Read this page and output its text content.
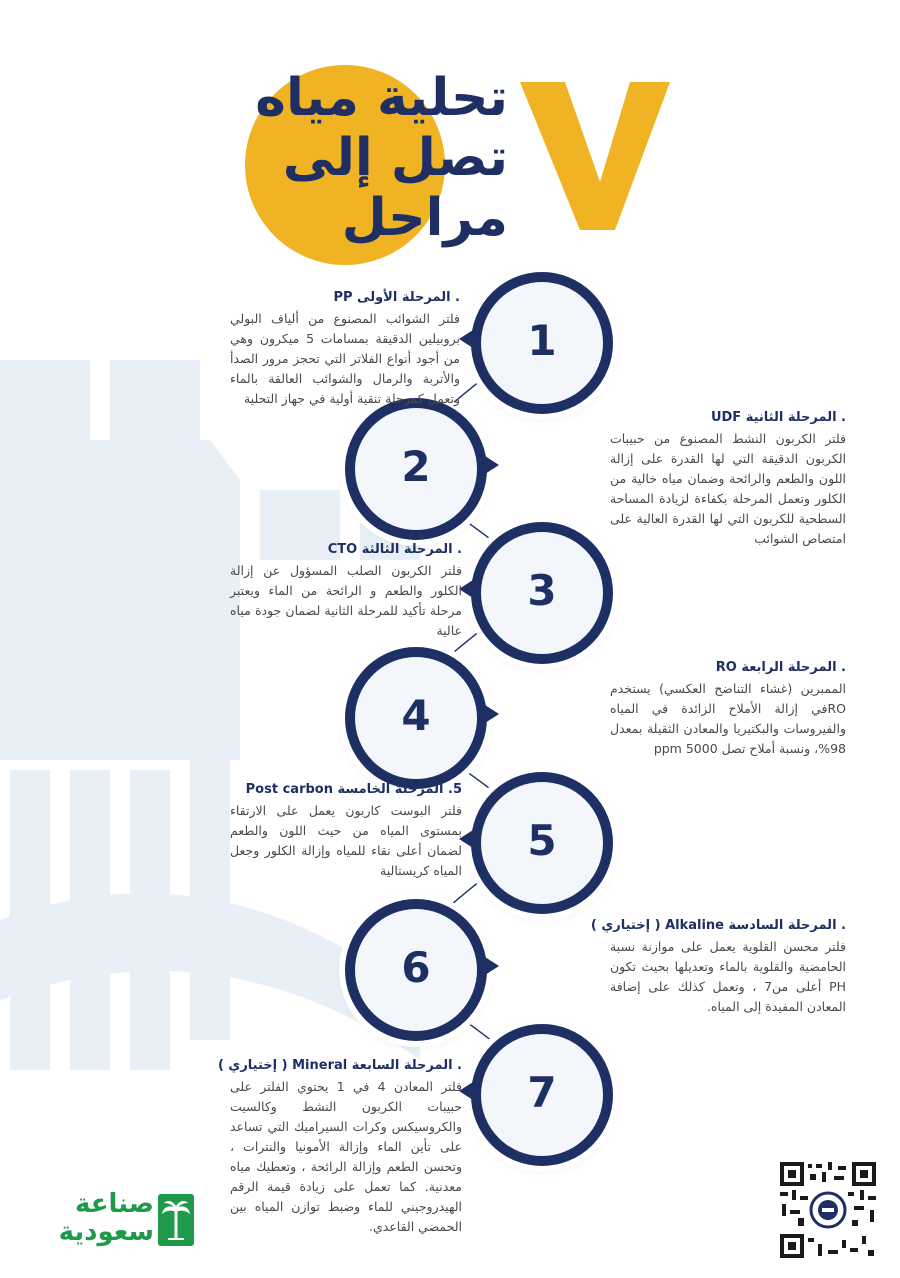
تحلية مياه
تصل إلى
مراحل
1
2
3
4
5
6
7
. المرحلة الأولى PP
فلتر الشوائب المصنوع من ألياف البولي بروبيلين الدقيقة بمسامات 5 ميكرون وهي من أجود أنواع الفلاتر التي تحجز مرور الصدأ والأتربة والرمال والشوائب العالقة بالماء وتعمل كمرحلة تنقية أولية في جهاز التحلية
. المرحلة الثانية UDF
فلتر الكربون النشط المصنوع من حبيبات الكربون الدقيقة التي لها القدرة على إزالة اللون والطعم والرائحة وضمان مياه خالية من الكلور وتعمل المرحلة بكفاءة لزيادة المساحة السطحية للكربون التي لها القدرة العالية على امتصاص الشوائب
. المرحلة الثالثة CTO
فلتر الكربون الصلب المسؤول عن إزالة الكلور والطعم و الرائحة من الماء ويعتبر مرحلة تأكيد للمرحلة الثانية لضمان جودة مياه عالية
. المرحلة الرابعة RO
الممبرين (غشاء التناضح العكسي) يستخدم ROفي إزالة الأملاح الزائدة في المياه والفيروسات والبكتيريا والمعادن الثقيلة بمعدل 98%، ونسبة أملاح تصل ppm 5000
5. المرحلة الخامسة Post carbon
فلتر البوست كاربون يعمل على الارتقاء بمستوى المياه من حيث اللون والطعم لضمان أعلى نقاء للمياه وإزالة الكلور وجعل المياه كريستالية
. المرحلة السادسة Alkaline ( إختياري )
فلتر محسن القلوية يعمل على موازنة نسبة الحامضية والقلوية بالماء وتعديلها بحيث تكون PH أعلى من7 ، وتعمل كذلك على إضافة المعادن المفيدة إلى المياه.
. المرحلة السابعة Mineral ( إختياري )
فلتر المعادن 4 في 1 يحتوي الفلتر على حبيبات الكربون النشط وكالسيت والكروسيكس وكرات السيراميك التي تساعد على تأين الماء وإزالة الأمونيا والنترات ، وتحسن الطعم وإزالة الرائحة ، وتعطيك مياه معدنية. كما تعمل على زيادة قيمة الرقم الهيدروجيني للماء وضبط توازن المياه بين الحمضي القاعدي.
صناعة
سعودية
